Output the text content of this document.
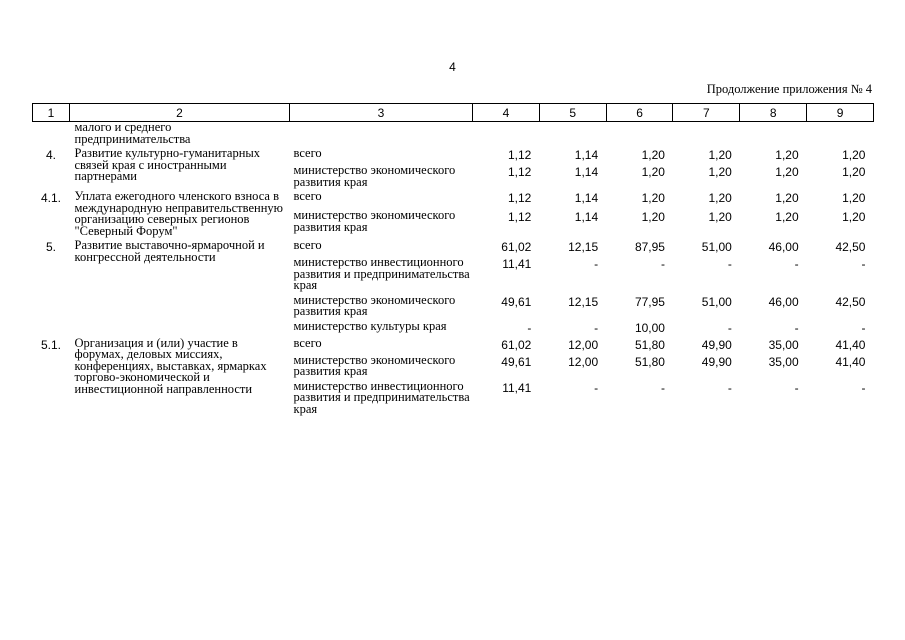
4
Продолжение приложения № 4
1	2	3	4	5	6	7	8	9
	малого и среднего предпринимательства							
4.	Развитие культурно-гуманитарных связей края с иностранными партнерами	всего	1,12	1,14	1,20	1,20	1,20	1,20
		министерство экономического развития края	1,12	1,14	1,20	1,20	1,20	1,20
4.1.	Уплата ежегодного членского взноса в международную неправительственную организацию северных регионов "Северный Форум"	всего	1,12	1,14	1,20	1,20	1,20	1,20
		министерство экономического развития края	1,12	1,14	1,20	1,20	1,20	1,20
5.	Развитие выставочно-ярмарочной и конгрессной деятельности	всего	61,02	12,15	87,95	51,00	46,00	42,50
		министерство инвестиционного развития и предпринимательства края	11,41	-	-	-	-	-
		министерство экономического развития края	49,61	12,15	77,95	51,00	46,00	42,50
		министерство культуры края	-	-	10,00	-	-	-
5.1.	Организация и (или) участие в форумах, деловых миссиях, конференциях, выставках, ярмарках торгово-экономической и инвестиционной направленности	всего	61,02	12,00	51,80	49,90	35,00	41,40
		министерство экономического развития края	49,61	12,00	51,80	49,90	35,00	41,40
		министерство инвестиционного развития и предпринимательства края	11,41	-	-	-	-	-
